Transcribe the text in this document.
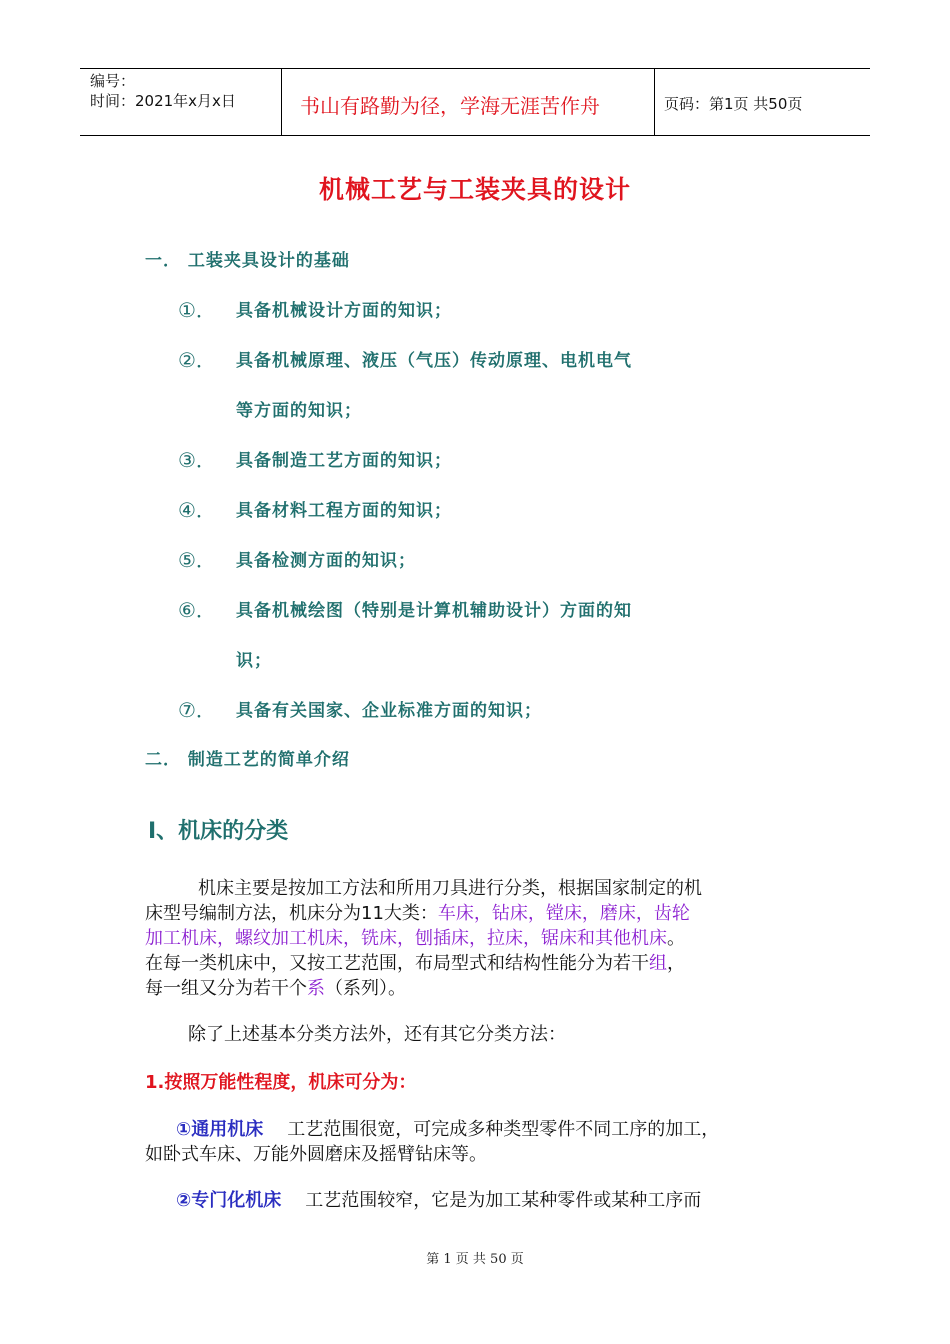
编号：
时间：2021年x月x日	书山有路勤为径，学海无涯苦作舟	页码：第1页 共50页
机械工艺与工装夹具的设计
一． 工装夹具设计的基础
①． 具备机械设计方面的知识；
②． 具备机械原理、液压（气压）传动原理、电机电气
等方面的知识；
③． 具备制造工艺方面的知识；
④． 具备材料工程方面的知识；
⑤． 具备检测方面的知识；
⑥． 具备机械绘图（特别是计算机辅助设计）方面的知
识；
⑦． 具备有关国家、企业标准方面的知识；
二． 制造工艺的简单介绍
Ⅰ、机床的分类
机床主要是按加工方法和所用刀具进行分类，根据国家制定的机
床型号编制方法，机床分为11大类：车床，钻床，镗床，磨床，齿轮
加工机床，螺纹加工机床，铣床，刨插床，拉床，锯床和其他机床。
在每一类机床中，又按工艺范围，布局型式和结构性能分为若干组，
每一组又分为若干个系（系列）。
除了上述基本分类方法外，还有其它分类方法：
1.按照万能性程度，机床可分为：
①通用机床 工艺范围很宽，可完成多种类型零件不同工序的加工，
如卧式车床、万能外圆磨床及摇臂钻床等。
②专门化机床 工艺范围较窄，它是为加工某种零件或某种工序而
第 1 页 共 50 页
